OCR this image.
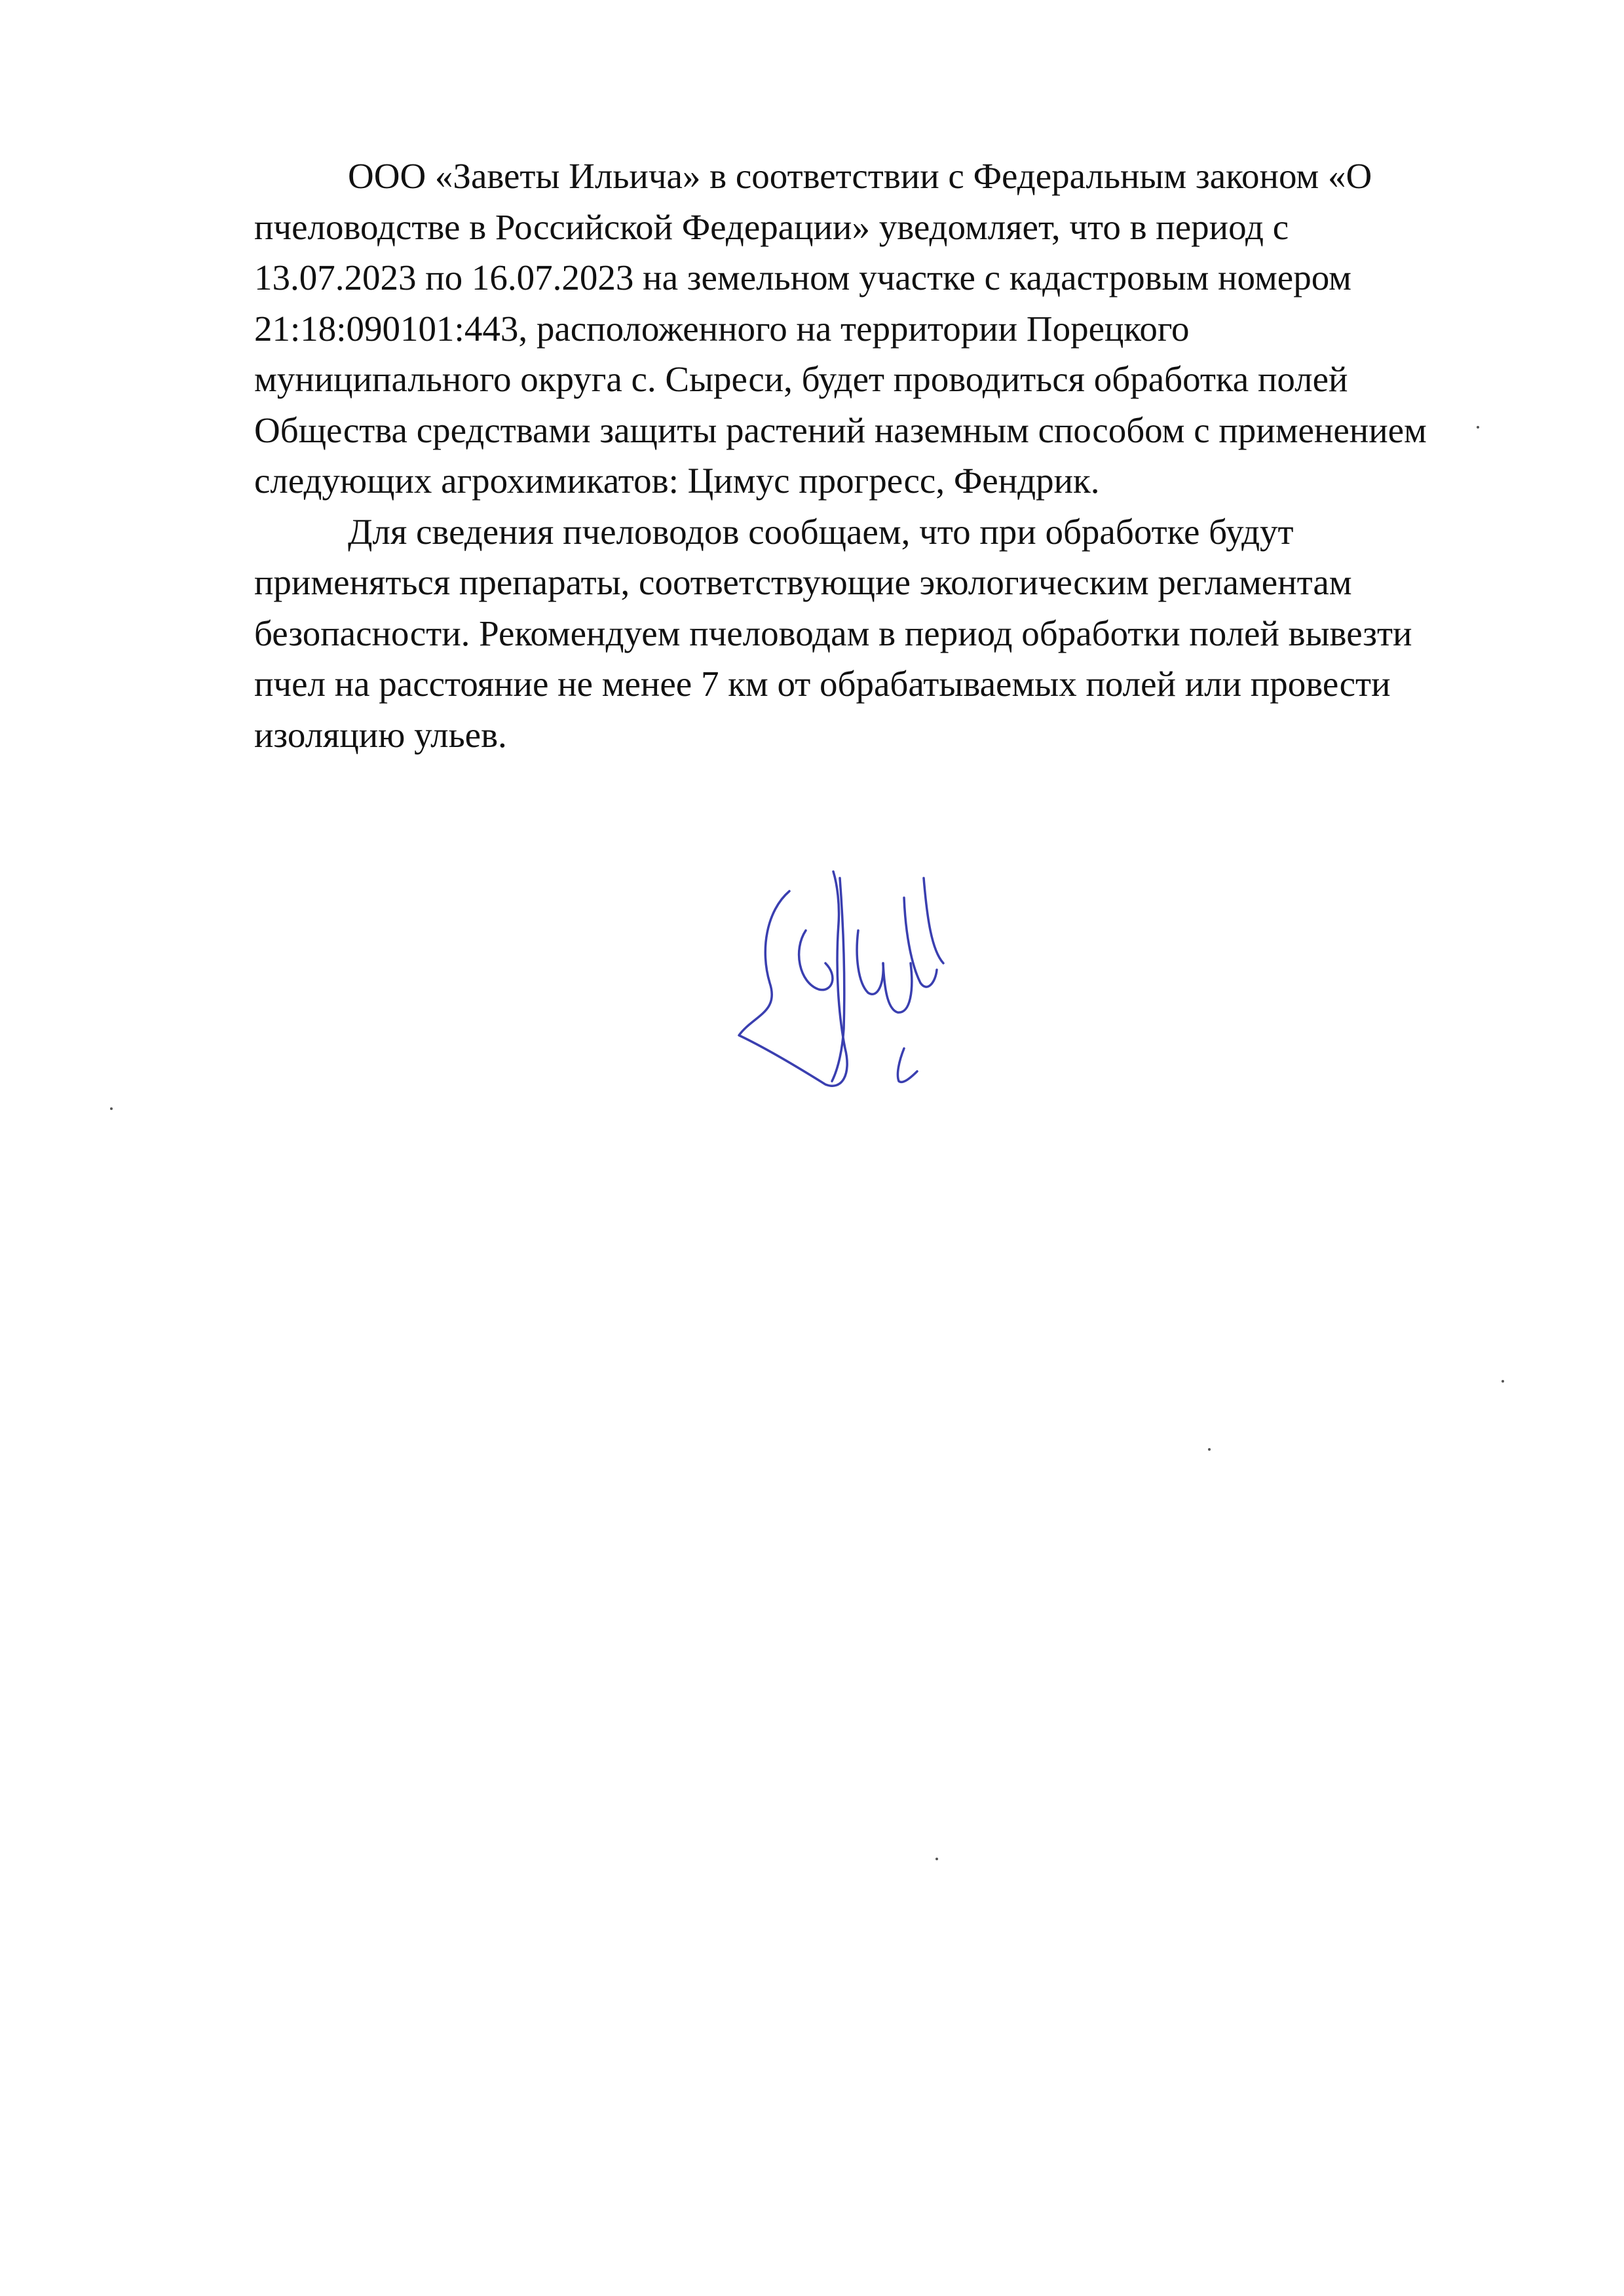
ООО «Заветы Ильича» в соответствии с Федеральным законом «О
пчеловодстве в Российской Федерации» уведомляет, что в период с
13.07.2023 по 16.07.2023 на земельном участке с кадастровым номером
21:18:090101:443, расположенного на территории Порецкого
муниципального округа с. Сыреси, будет проводиться обработка полей
Общества средствами защиты растений наземным способом с применением
следующих агрохимикатов: Цимус прогресс, Фендрик.

Для сведения пчеловодов сообщаем, что при обработке будут
применяться препараты, соответствующие экологическим регламентам
безопасности. Рекомендуем пчеловодам в период обработки полей вывезти
пчел на расстояние не менее 7 км от обрабатываемых полей или провести
изоляцию ульев.
